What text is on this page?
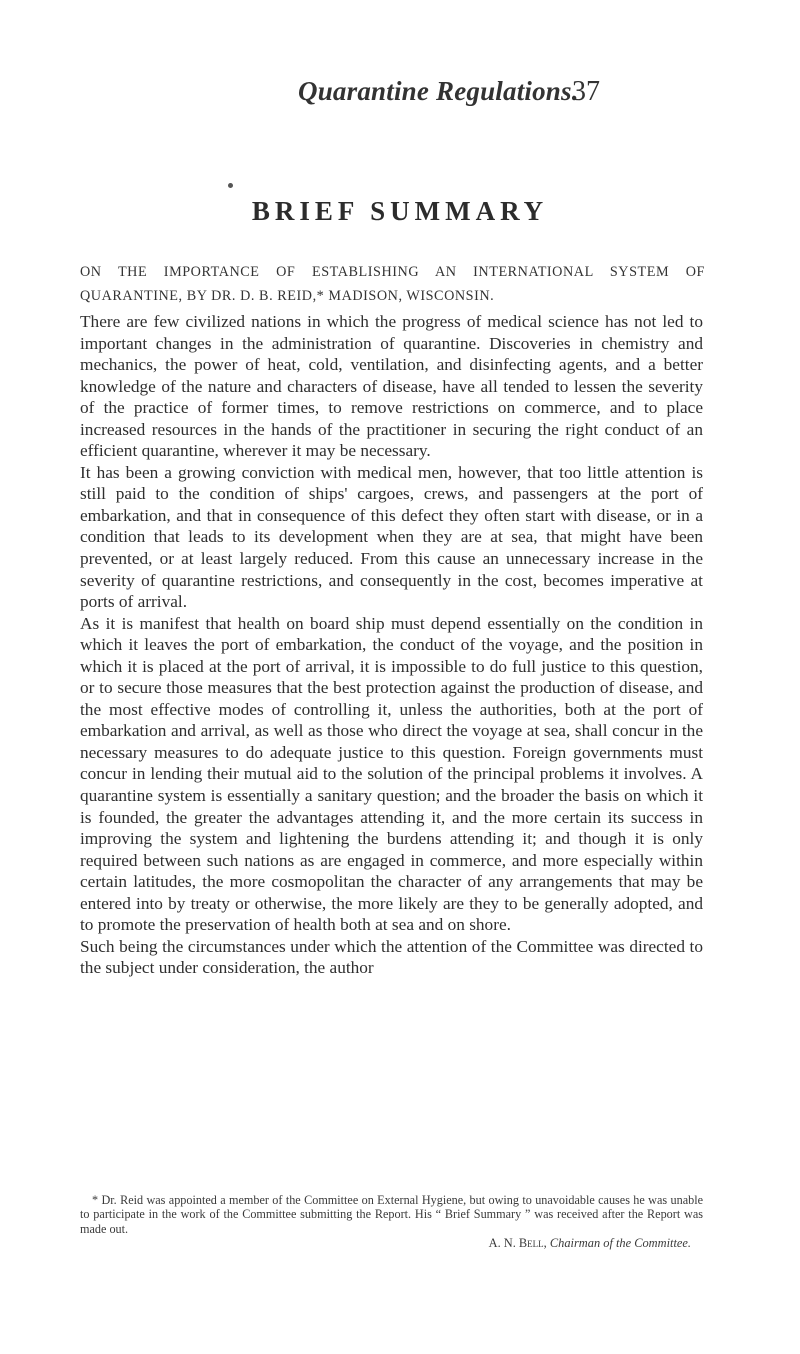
Quarantine Regulations.
37
BRIEF SUMMARY
ON THE IMPORTANCE OF ESTABLISHING AN INTERNATIONAL SYSTEM OF QUARANTINE, BY DR. D. B. REID,* MADISON, WISCONSIN.

There are few civilized nations in which the progress of medical science has not led to important changes in the administration of quarantine. Discoveries in chemistry and mechanics, the power of heat, cold, ventilation, and disinfecting agents, and a better knowledge of the nature and characters of disease, have all tended to lessen the severity of the practice of former times, to remove restrictions on commerce, and to place increased resources in the hands of the practitioner in securing the right conduct of an efficient quarantine, wherever it may be necessary.

It has been a growing conviction with medical men, however, that too little attention is still paid to the condition of ships' cargoes, crews, and passengers at the port of embarkation, and that in consequence of this defect they often start with disease, or in a condition that leads to its development when they are at sea, that might have been prevented, or at least largely reduced. From this cause an unnecessary increase in the severity of quarantine restrictions, and consequently in the cost, becomes imperative at ports of arrival.

As it is manifest that health on board ship must depend essentially on the condition in which it leaves the port of embarkation, the conduct of the voyage, and the position in which it is placed at the port of arrival, it is impossible to do full justice to this question, or to secure those measures that the best protection against the production of disease, and the most effective modes of controlling it, unless the authorities, both at the port of embarkation and arrival, as well as those who direct the voyage at sea, shall concur in the necessary measures to do adequate justice to this question. Foreign governments must concur in lending their mutual aid to the solution of the principal problems it involves. A quarantine system is essentially a sanitary question; and the broader the basis on which it is founded, the greater the advantages attending it, and the more certain its success in improving the system and lightening the burdens attending it; and though it is only required between such nations as are engaged in commerce, and more especially within certain latitudes, the more cosmopolitan the character of any arrangements that may be entered into by treaty or otherwise, the more likely are they to be generally adopted, and to promote the preservation of health both at sea and on shore.

Such being the circumstances under which the attention of the Committee was directed to the subject under consideration, the author

* Dr. Reid was appointed a member of the Committee on External Hygiene, but owing to unavoidable causes he was unable to participate in the work of the Committee submitting the Report. His “ Brief Summary ” was received after the Report was made out.

A. N. Bell, Chairman of the Committee.
